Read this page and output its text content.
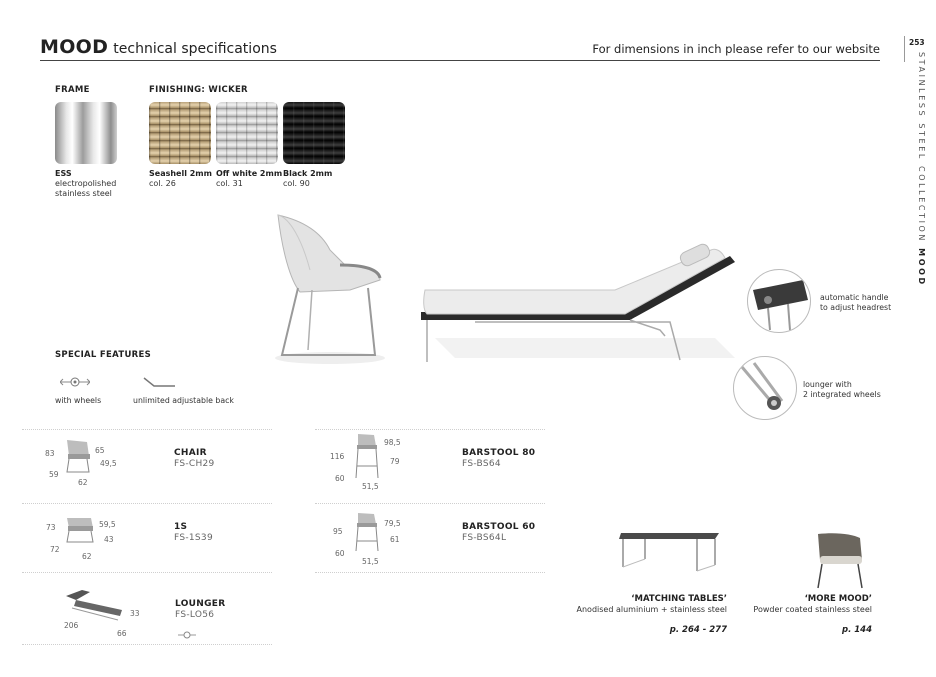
MOOD technical specifications	For dimensions in inch please refer to our website	253
STAINLESS STEEL COLLECTION MOOD
FRAME
ESS
electropolished
stainless steel
FINISHING: WICKER
Seashell 2mm
col. 26
Off white 2mm
col. 31
Black 2mm
col. 90
automatic handle
to adjust headrest
lounger with
2 integrated wheels
SPECIAL FEATURES
with wheels	unlimited adjustable back
83	65
49,5
59
62
CHAIR
FS-CH29
73	59,5
43
72
62
1S
FS-1S39
33
206
66
LOUNGER
FS-LO56
98,5
116
79
60
51,5
BARSTOOL 80
FS-BS64
79,5
95
61
60
51,5
BARSTOOL 60
FS-BS64L
‘MATCHING TABLES’
Anodised aluminium + stainless steel
p. 264 - 277
‘MORE MOOD’
Powder coated stainless steel
p. 144
